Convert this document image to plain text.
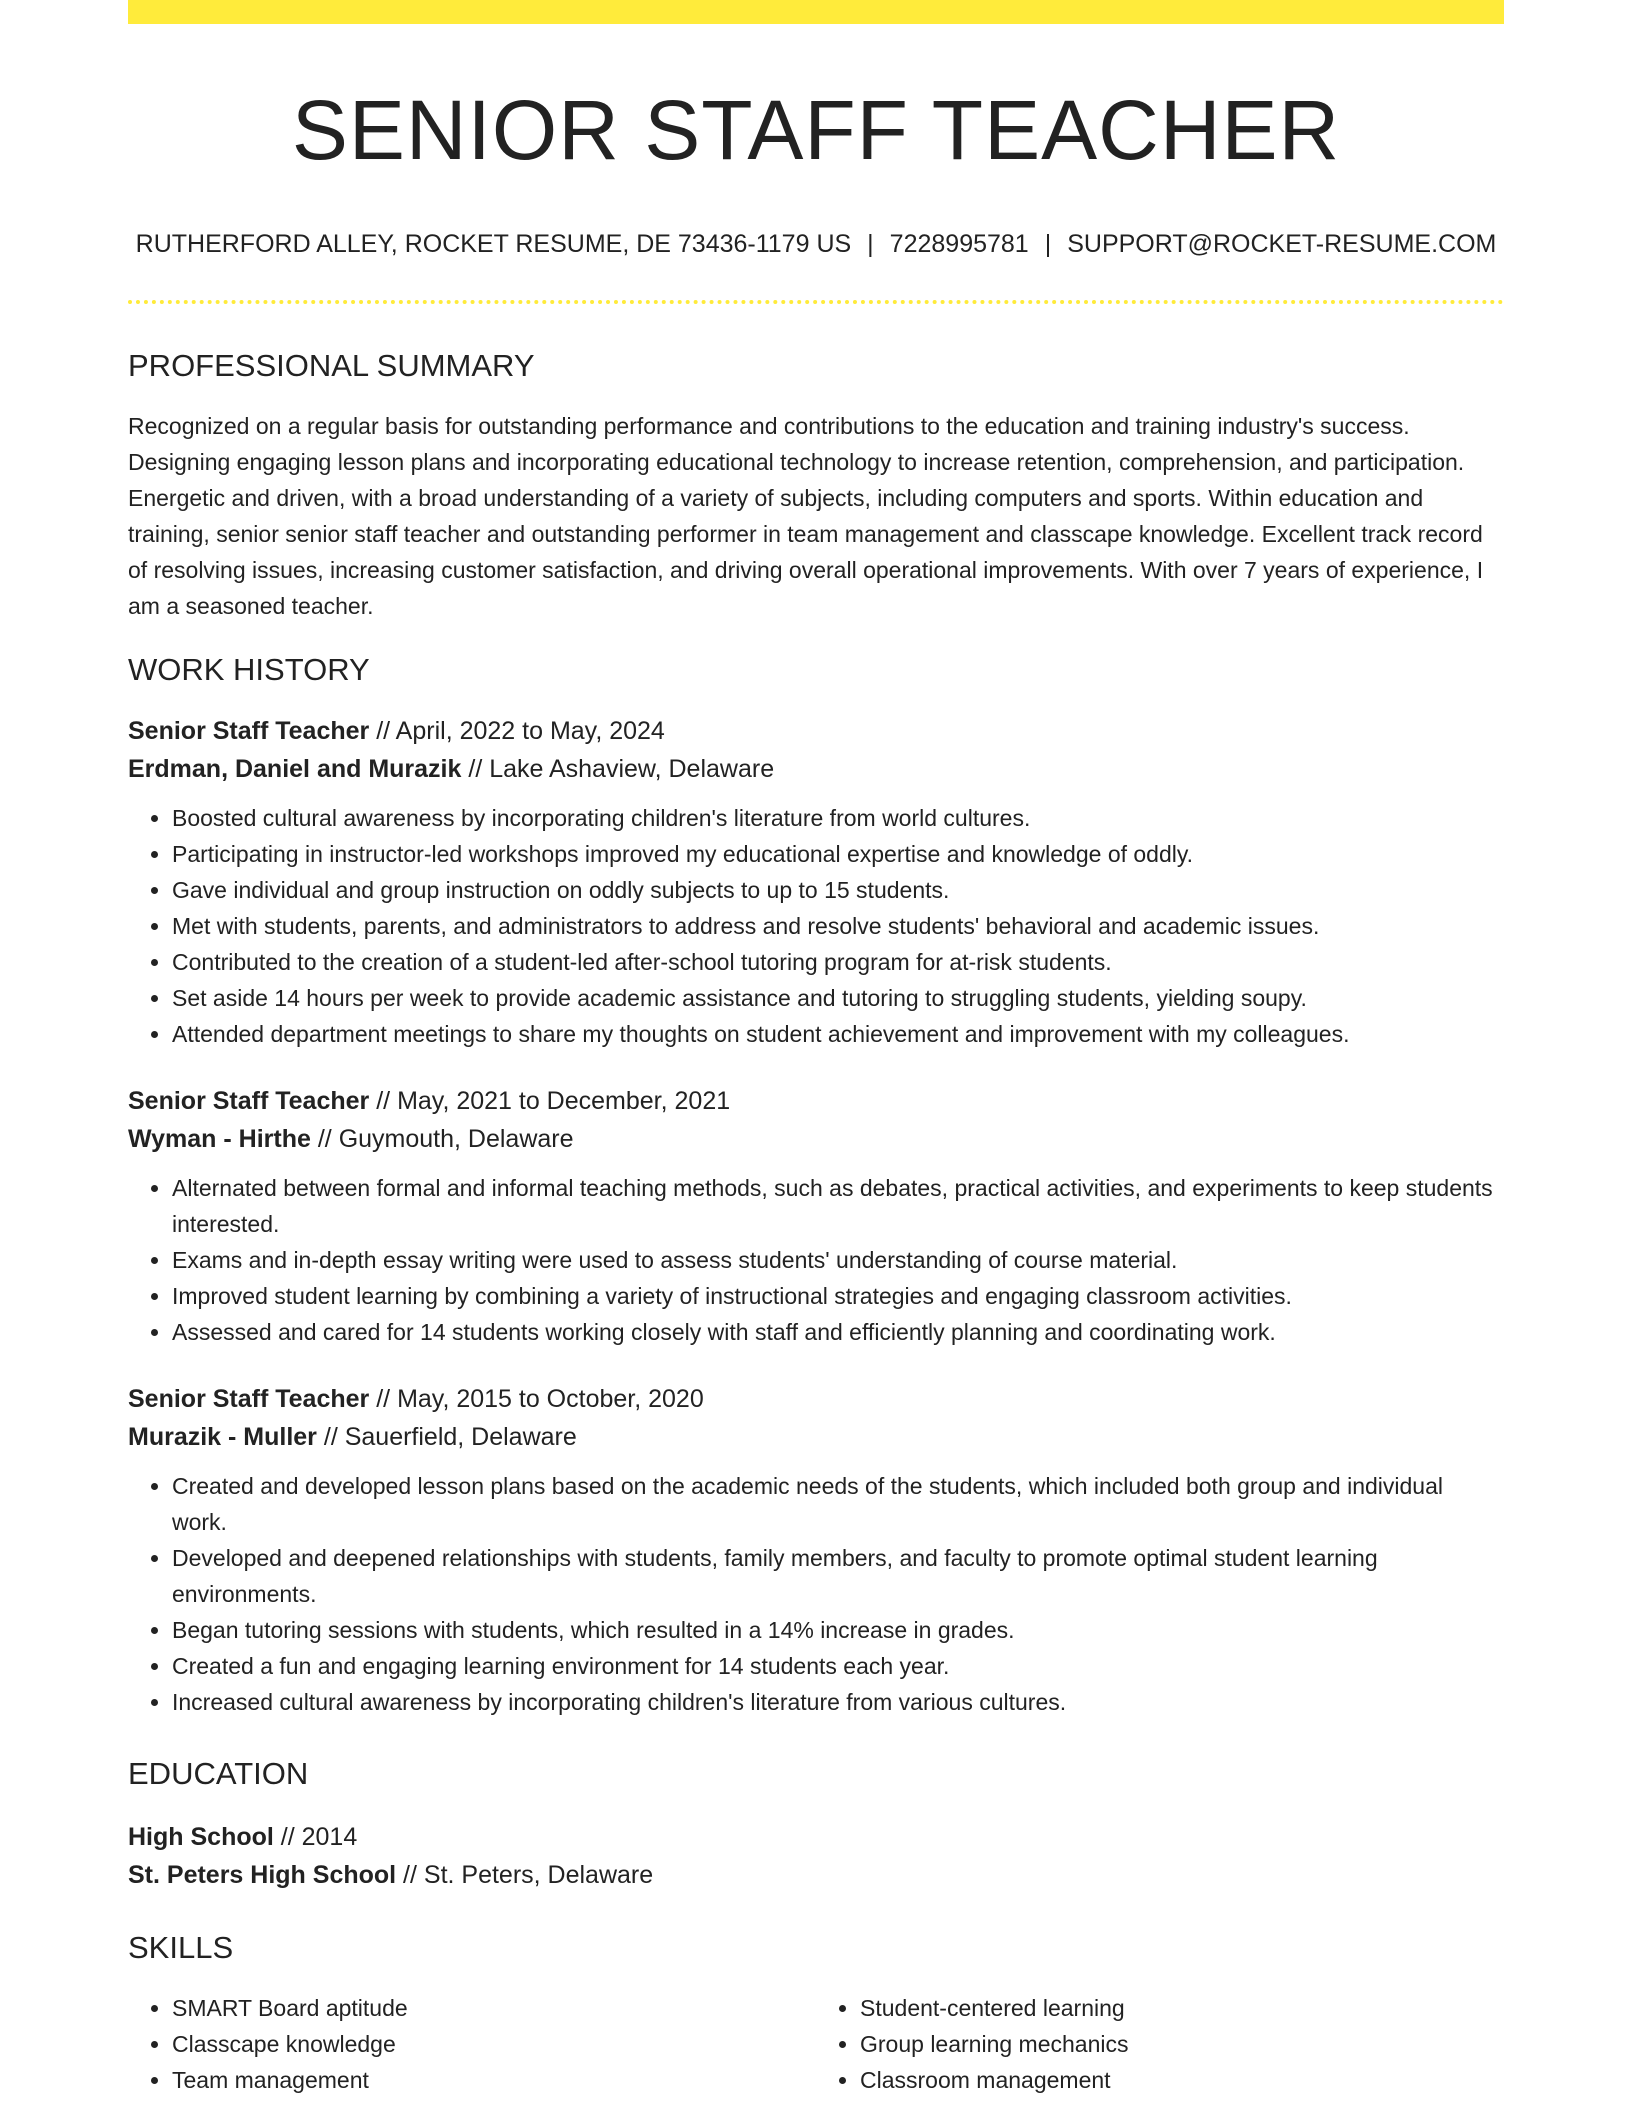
SENIOR STAFF TEACHER
RUTHERFORD ALLEY, ROCKET RESUME, DE 73436-1179 US | 7228995781 | SUPPORT@ROCKET-RESUME.COM
PROFESSIONAL SUMMARY

Recognized on a regular basis for outstanding performance and contributions to the education and training industry's success. Designing engaging lesson plans and incorporating educational technology to increase retention, comprehension, and participation. Energetic and driven, with a broad understanding of a variety of subjects, including computers and sports. Within education and training, senior senior staff teacher and outstanding performer in team management and classcape knowledge. Excellent track record of resolving issues, increasing customer satisfaction, and driving overall operational improvements. With over 7 years of experience, I am a seasoned teacher.

WORK HISTORY
Senior Staff Teacher // April, 2022 to May, 2024
Erdman, Daniel and Murazik // Lake Ashaview, Delaware
• Boosted cultural awareness by incorporating children's literature from world cultures.
• Participating in instructor-led workshops improved my educational expertise and knowledge of oddly.
• Gave individual and group instruction on oddly subjects to up to 15 students.
• Met with students, parents, and administrators to address and resolve students' behavioral and academic issues.
• Contributed to the creation of a student-led after-school tutoring program for at-risk students.
• Set aside 14 hours per week to provide academic assistance and tutoring to struggling students, yielding soupy.
• Attended department meetings to share my thoughts on student achievement and improvement with my colleagues.
Senior Staff Teacher // May, 2021 to December, 2021
Wyman - Hirthe // Guymouth, Delaware
• Alternated between formal and informal teaching methods, such as debates, practical activities, and experiments to keep students interested.
• Exams and in-depth essay writing were used to assess students' understanding of course material.
• Improved student learning by combining a variety of instructional strategies and engaging classroom activities.
• Assessed and cared for 14 students working closely with staff and efficiently planning and coordinating work.
Senior Staff Teacher // May, 2015 to October, 2020
Murazik - Muller // Sauerfield, Delaware
• Created and developed lesson plans based on the academic needs of the students, which included both group and individual work.
• Developed and deepened relationships with students, family members, and faculty to promote optimal student learning environments.
• Began tutoring sessions with students, which resulted in a 14% increase in grades.
• Created a fun and engaging learning environment for 14 students each year.
• Increased cultural awareness by incorporating children's literature from various cultures.
EDUCATION
High School // 2014
St. Peters High School // St. Peters, Delaware
SKILLS
• SMART Board aptitude
• Classcape knowledge
• Team management
• Student-centered learning
• Group learning mechanics
• Classroom management
